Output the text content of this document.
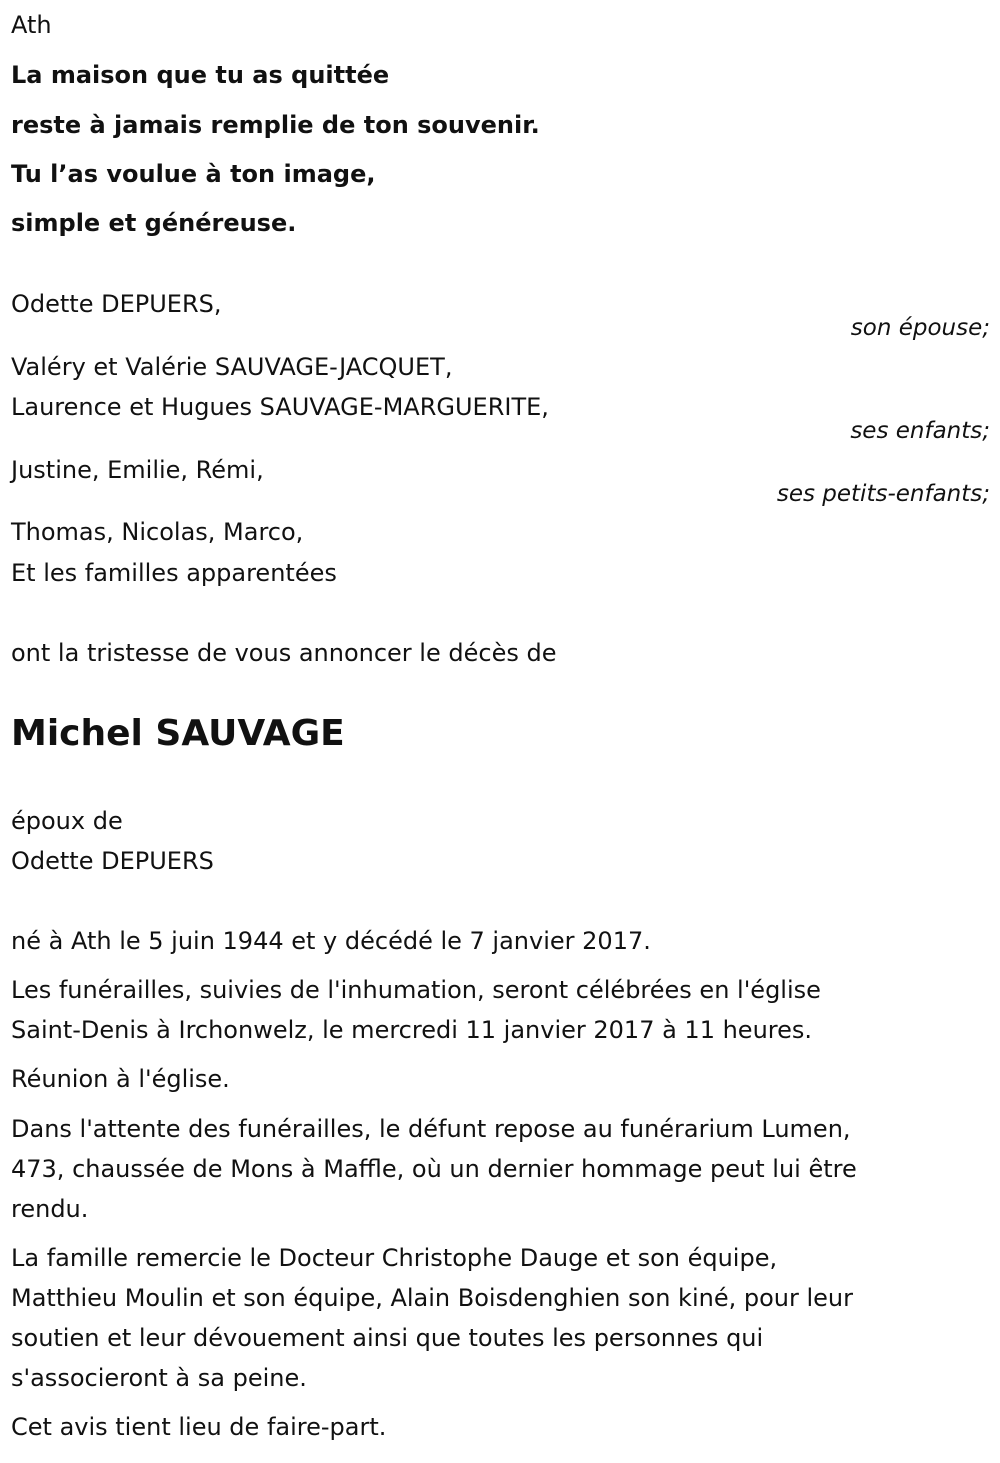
Ath
La maison que tu as quittée
reste à jamais remplie de ton souvenir.
Tu l’as voulue à ton image,
simple et généreuse.
Odette DEPUERS,
son épouse;
Valéry et Valérie SAUVAGE-JACQUET,
Laurence et Hugues SAUVAGE-MARGUERITE,
ses enfants;
Justine, Emilie, Rémi,
ses petits-enfants;
Thomas, Nicolas, Marco,
Et les familles apparentées
ont la tristesse de vous annoncer le décès de
Michel SAUVAGE
époux de
Odette DEPUERS
né à Ath le 5 juin 1944 et y décédé le 7 janvier 2017.
Les funérailles, suivies de l'inhumation, seront célébrées en l'église
Saint-Denis à Irchonwelz, le mercredi 11 janvier 2017 à 11 heures.
Réunion à l'église.
Dans l'attente des funérailles, le défunt repose au funérarium Lumen,
473, chaussée de Mons à Maffle, où un dernier hommage peut lui être
rendu.
La famille remercie le Docteur Christophe Dauge et son équipe,
Matthieu Moulin et son équipe, Alain Boisdenghien son kiné, pour leur
soutien et leur dévouement ainsi que toutes les personnes qui
s'associeront à sa peine.
Cet avis tient lieu de faire-part.
